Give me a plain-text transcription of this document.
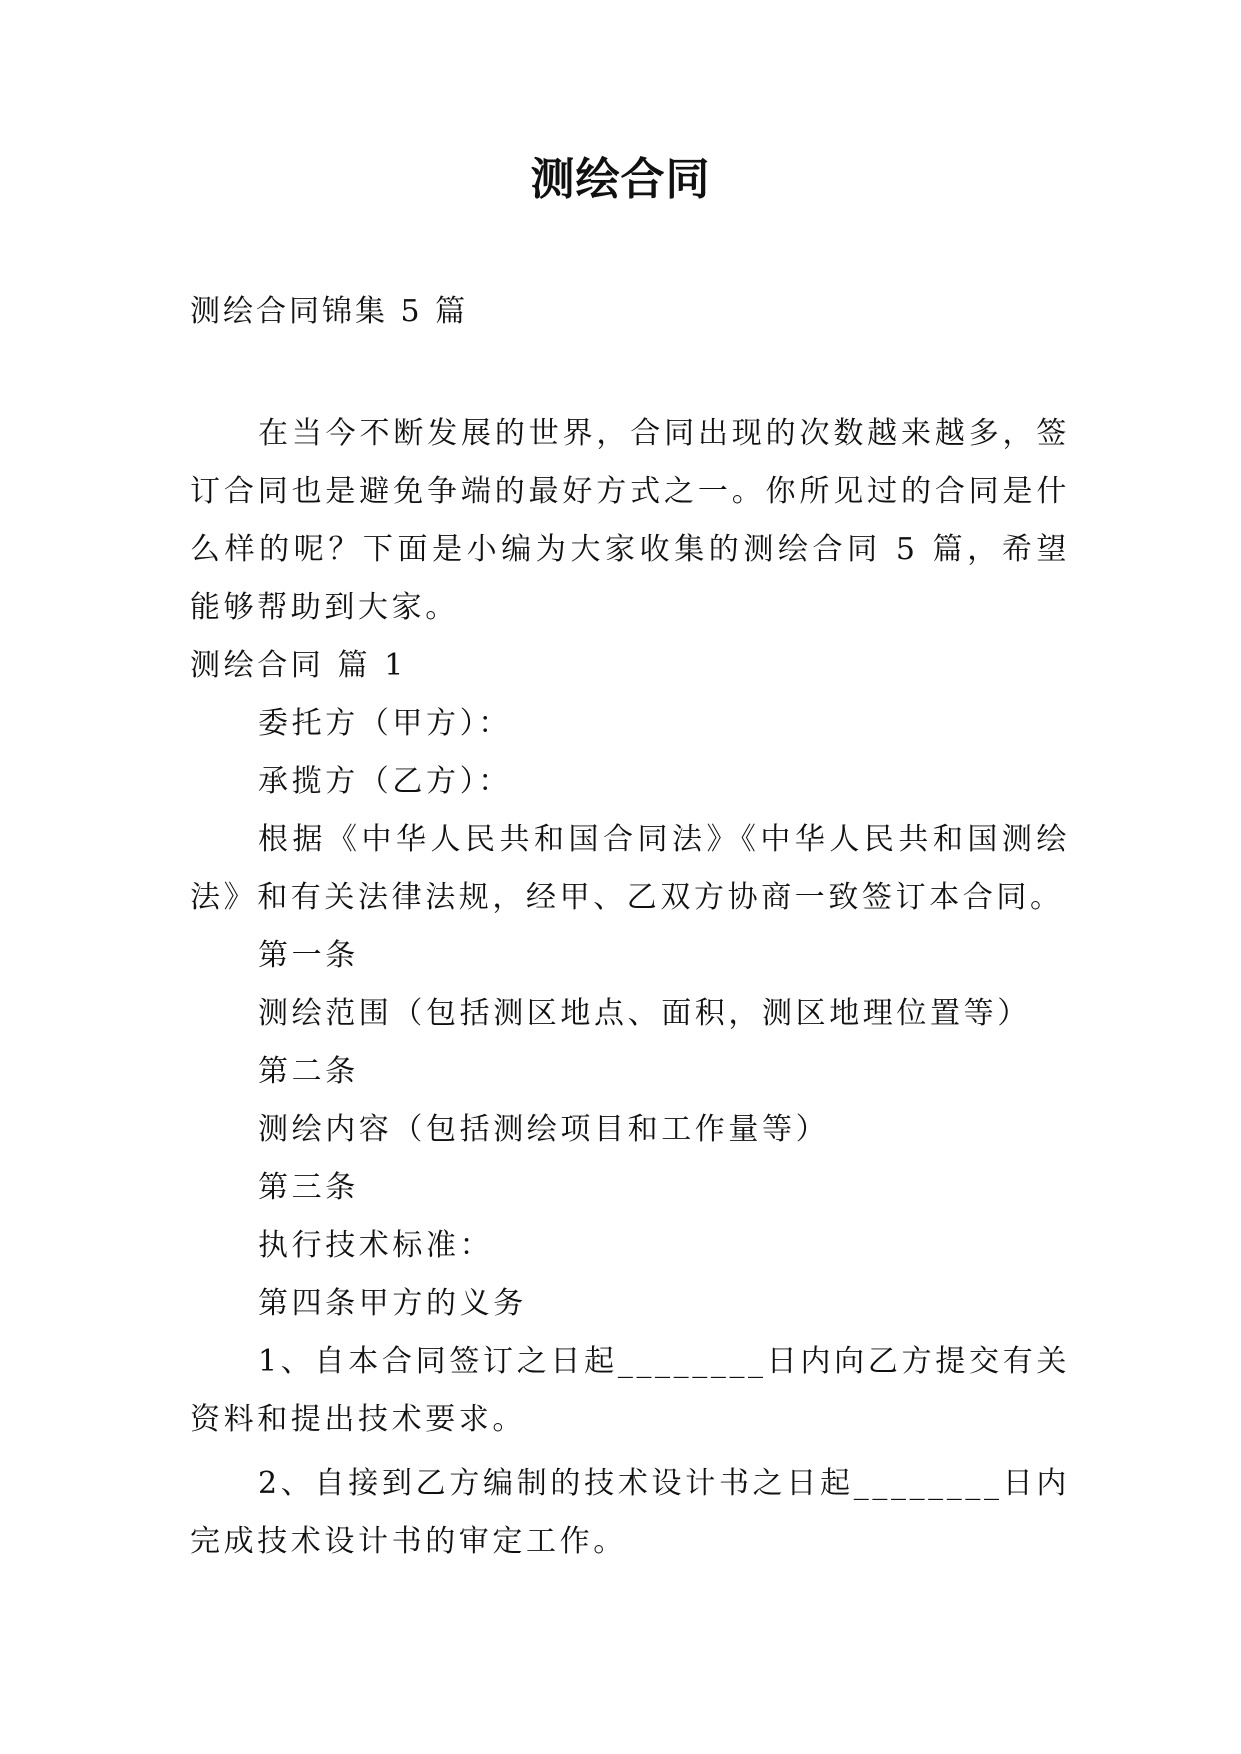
测绘合同
测绘合同锦集 5 篇

在当今不断发展的世界，合同出现的次数越来越多，签订合同也是避免争端的最好方式之一。你所见过的合同是什么样的呢？下面是小编为大家收集的测绘合同 5 篇，希望能够帮助到大家。

测绘合同 篇 1

委托方（甲方）：

承揽方（乙方）：

根据《中华人民共和国合同法》《中华人民共和国测绘法》和有关法律法规，经甲、乙双方协商一致签订本合同。

第一条

测绘范围（包括测区地点、面积，测区地理位置等）

第二条

测绘内容（包括测绘项目和工作量等）

第三条

执行技术标准：

第四条甲方的义务

1、自本合同签订之日起________日内向乙方提交有关资料和提出技术要求。

2、自接到乙方编制的技术设计书之日起________日内完成技术设计书的审定工作。
